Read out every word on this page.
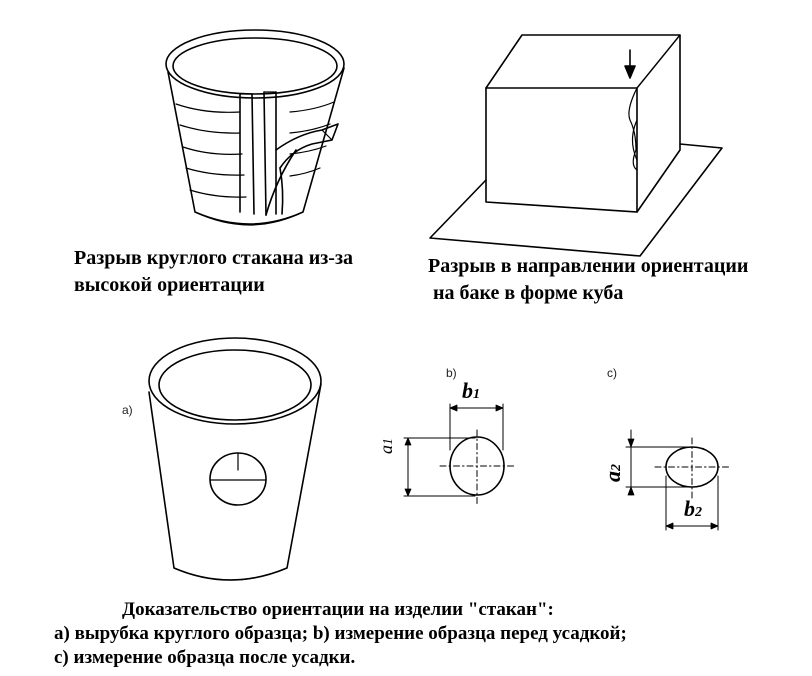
Разрыв круглого стакана из-за
высокой ориентации
Разрыв в направлении ориентации
на баке в форме куба
Доказательство ориентации на изделии "стакан":
a) вырубка круглого образца; b) измерение образца перед усадкой;
c) измерение образца после усадки.
a)
b)	c)
b1
a1
a2
b2
